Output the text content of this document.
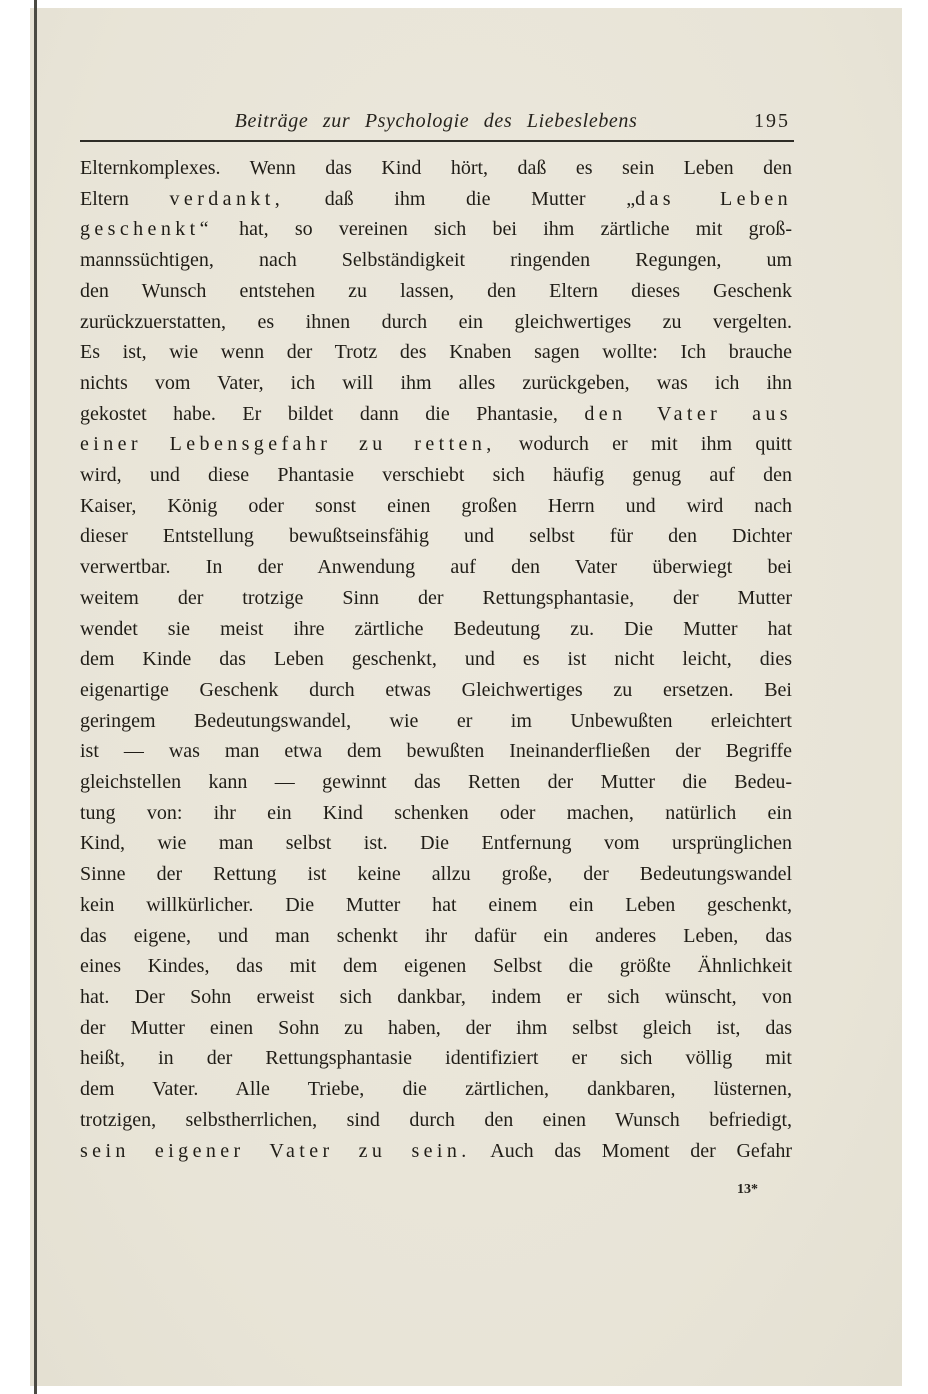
Beiträge zur Psychologie des Liebeslebens	195
Elternkomplexes. Wenn das Kind hört, daß es sein Leben den
Eltern verdankt, daß ihm die Mutter „das Leben
geschenkt“ hat, so vereinen sich bei ihm zärtliche mit groß-
mannssüchtigen, nach Selbständigkeit ringenden Regungen, um
den Wunsch entstehen zu lassen, den Eltern dieses Geschenk
zurückzuerstatten, es ihnen durch ein gleichwertiges zu vergelten.
Es ist, wie wenn der Trotz des Knaben sagen wollte: Ich brauche
nichts vom Vater, ich will ihm alles zurückgeben, was ich ihn
gekostet habe. Er bildet dann die Phantasie, den Vater aus
einer Lebensgefahr zu retten, wodurch er mit ihm quitt
wird, und diese Phantasie verschiebt sich häufig genug auf den
Kaiser, König oder sonst einen großen Herrn und wird nach
dieser Entstellung bewußtseinsfähig und selbst für den Dichter
verwertbar. In der Anwendung auf den Vater überwiegt bei
weitem der trotzige Sinn der Rettungsphantasie, der Mutter
wendet sie meist ihre zärtliche Bedeutung zu. Die Mutter hat
dem Kinde das Leben geschenkt, und es ist nicht leicht, dies
eigenartige Geschenk durch etwas Gleichwertiges zu ersetzen. Bei
geringem Bedeutungswandel, wie er im Unbewußten erleichtert
ist — was man etwa dem bewußten Ineinanderfließen der Begriffe
gleichstellen kann — gewinnt das Retten der Mutter die Bedeu-
tung von: ihr ein Kind schenken oder machen, natürlich ein
Kind, wie man selbst ist. Die Entfernung vom ursprünglichen
Sinne der Rettung ist keine allzu große, der Bedeutungswandel
kein willkürlicher. Die Mutter hat einem ein Leben geschenkt,
das eigene, und man schenkt ihr dafür ein anderes Leben, das
eines Kindes, das mit dem eigenen Selbst die größte Ähnlichkeit
hat. Der Sohn erweist sich dankbar, indem er sich wünscht, von
der Mutter einen Sohn zu haben, der ihm selbst gleich ist, das
heißt, in der Rettungsphantasie identifiziert er sich völlig mit
dem Vater. Alle Triebe, die zärtlichen, dankbaren, lüsternen,
trotzigen, selbstherrlichen, sind durch den einen Wunsch befriedigt,
sein eigener Vater zu sein. Auch das Moment der Gefahr
13*
